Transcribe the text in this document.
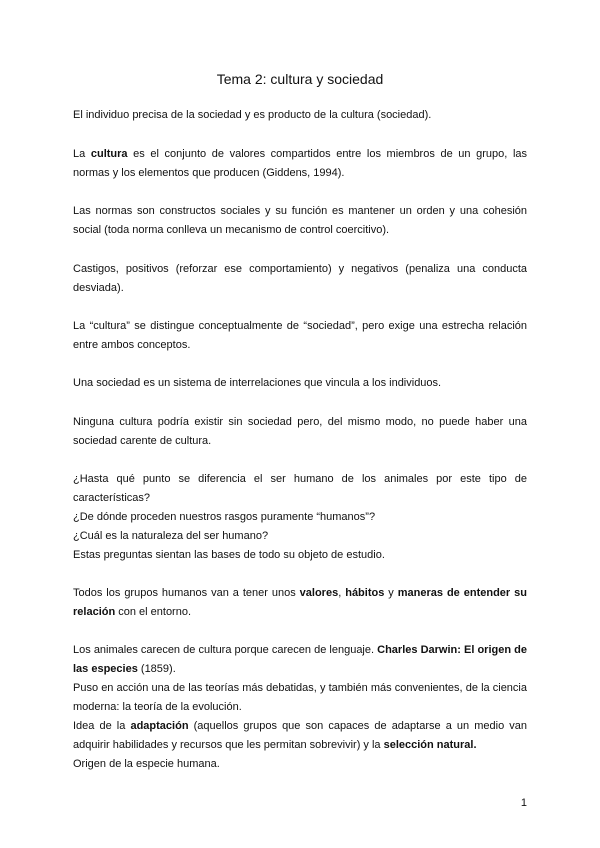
Tema 2: cultura y sociedad

El individuo precisa de la sociedad y es producto de la cultura (sociedad).

La cultura es el conjunto de valores compartidos entre los miembros de un grupo, las normas y los elementos que producen (Giddens, 1994).

Las normas son constructos sociales y su función es mantener un orden y una cohesión social (toda norma conlleva un mecanismo de control coercitivo).

Castigos, positivos (reforzar ese comportamiento) y negativos (penaliza una conducta desviada).

La “cultura” se distingue conceptualmente de “sociedad”, pero exige una estrecha relación entre ambos conceptos.

Una sociedad es un sistema de interrelaciones que vincula a los individuos.

Ninguna cultura podría existir sin sociedad pero, del mismo modo, no puede haber una sociedad carente de cultura.

¿Hasta qué punto se diferencia el ser humano de los animales por este tipo de características?
¿De dónde proceden nuestros rasgos puramente “humanos”?
¿Cuál es la naturaleza del ser humano?
Estas preguntas sientan las bases de todo su objeto de estudio.

Todos los grupos humanos van a tener unos valores, hábitos y maneras de entender su relación con el entorno.

Los animales carecen de cultura porque carecen de lenguaje. Charles Darwin: El origen de las especies (1859).
Puso en acción una de las teorías más debatidas, y también más convenientes, de la ciencia moderna: la teoría de la evolución.
Idea de la adaptación (aquellos grupos que son capaces de adaptarse a un medio van adquirir habilidades y recursos que les permitan sobrevivir) y la selección natural.
Origen de la especie humana.

1
